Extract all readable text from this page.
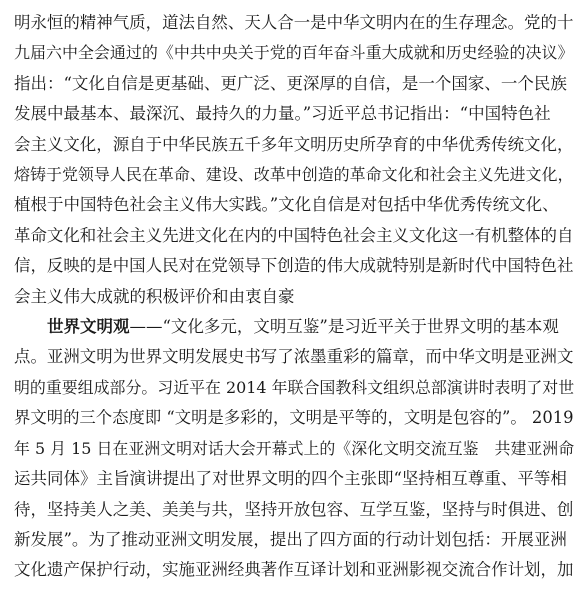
明永恒的精神气质，道法自然、天人合一是中华文明内在的生存理念。党的十
九届六中全会通过的《中共中央关于党的百年奋斗重大成就和历史经验的决议》
指出：“文化自信是更基础、更广泛、更深厚的自信，是一个国家、一个民族
发展中最基本、最深沉、最持久的力量。”习近平总书记指出：“中国特色社
会主义文化，源自于中华民族五千多年文明历史所孕育的中华优秀传统文化，
熔铸于党领导人民在革命、建设、改革中创造的革命文化和社会主义先进文化，
植根于中国特色社会主义伟大实践。”文化自信是对包括中华优秀传统文化、
革命文化和社会主义先进文化在内的中国特色社会主义文化这一有机整体的自
信，反映的是中国人民对在党领导下创造的伟大成就特别是新时代中国特色社
会主义伟大成就的积极评价和由衷自豪
世界文明观——“文化多元，文明互鉴”是习近平关于世界文明的基本观
点。亚洲文明为世界文明发展史书写了浓墨重彩的篇章，而中华文明是亚洲文
明的重要组成部分。习近平在 2014 年联合国教科文组织总部演讲时表明了对世
界文明的三个态度即 “文明是多彩的，文明是平等的，文明是包容的”。 2019
年 5 月 15 日在亚洲文明对话大会开幕式上的《深化文明交流互鉴　共建亚洲命
运共同体》主旨演讲提出了对世界文明的四个主张即“坚持相互尊重、平等相
待，坚持美人之美、美美与共，坚持开放包容、互学互鉴，坚持与时俱进、创
新发展”。为了推动亚洲文明发展，提出了四方面的行动计划包括：开展亚洲
文化遗产保护行动，实施亚洲经典著作互译计划和亚洲影视交流合作计划，加
